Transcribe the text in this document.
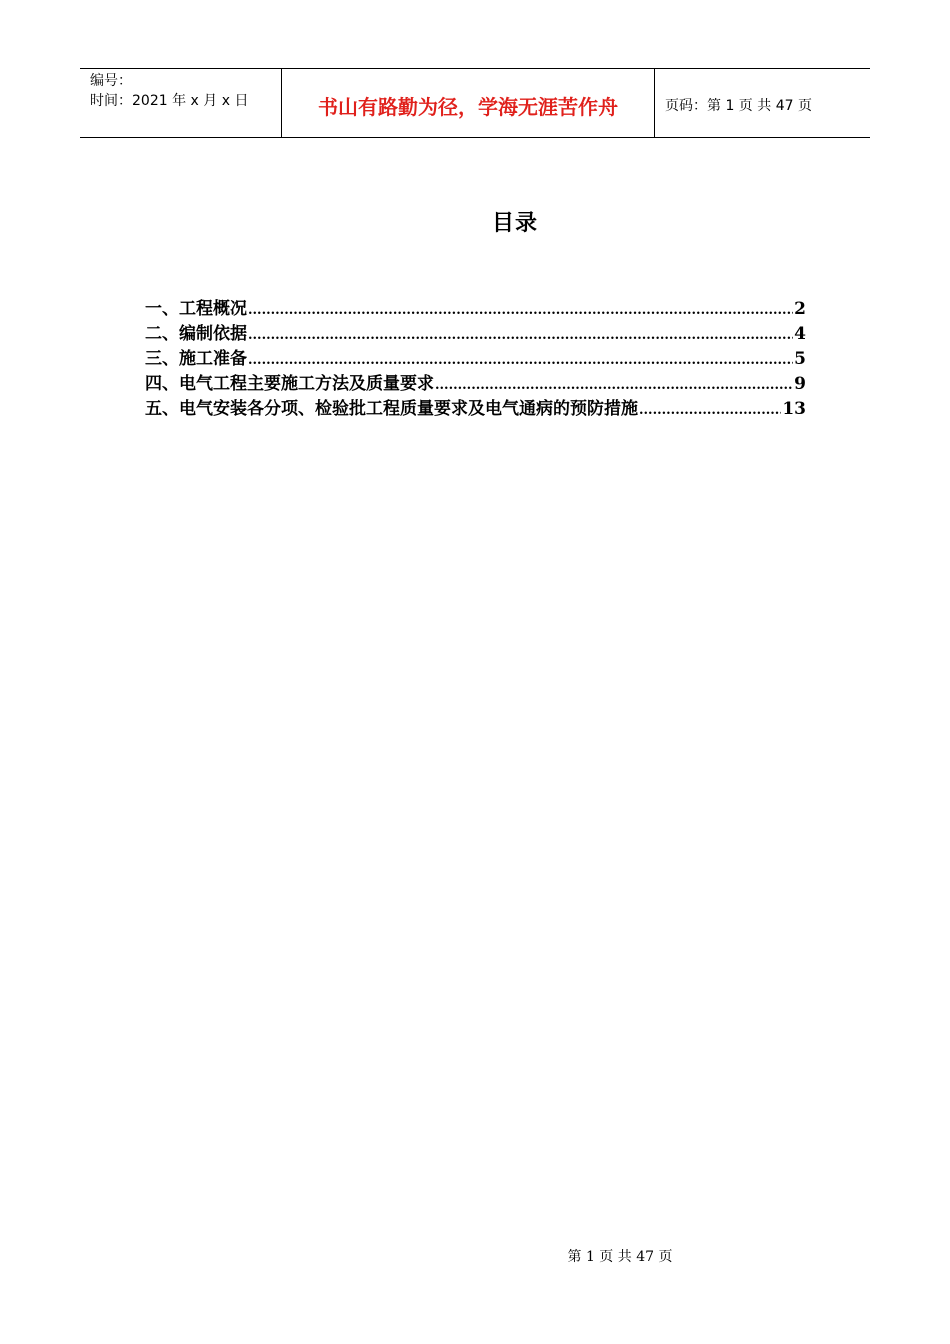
编号：
时间：2021 年 x 月 x 日	书山有路勤为径，学海无涯苦作舟	页码：第 1 页 共 47 页
目录
一、工程概况 .....	2
二、编制依据 .....	4
三、施工准备 .....	5
四、电气工程主要施工方法及质量要求 .....	9
五、电气安装各分项、检验批工程质量要求及电气通病的预防措施 .....	13
第 1 页 共 47 页
